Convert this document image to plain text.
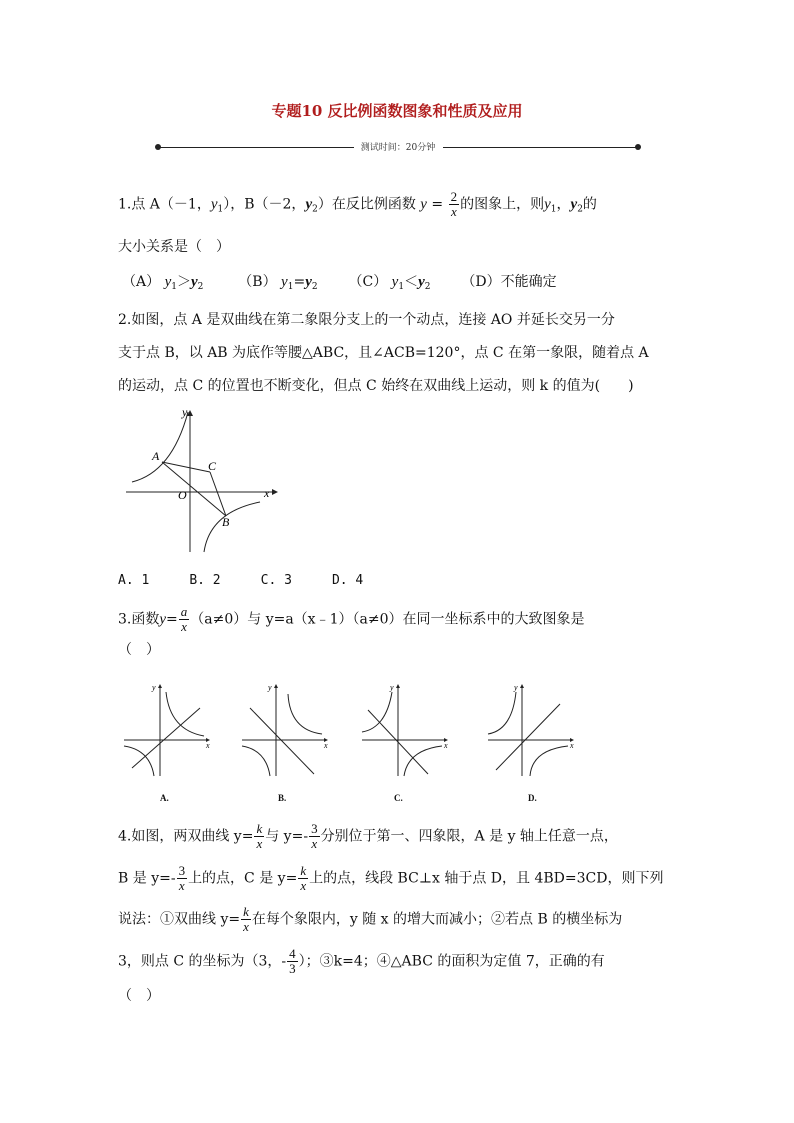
专题10 反比例函数图象和性质及应用
测试时间：20分钟
1.点 A（－1，$y_1$），B（－2，$y_2$）在反比例函数 $y = \frac{2}{x}$ 的图象上，则$y_1$，$y_2$的
大小关系是（　）
（A） $y_1>y_2$ （B） $y_1=y_2$ （C） $y_1<y_2$ （D）不能确定
2.如图，点 A 是双曲线在第二象限分支上的一个动点，连接 AO 并延长交另一分
支于点 B，以 AB 为底作等腰△ABC，且∠ACB=120°，点 C 在第一象限，随着点 A
的运动，点 C 的位置也不断变化，但点 C 始终在双曲线上运动，则 k 的值为(　　)
y
x
A
C
O
B
A. 1	B. 2	C. 3	D. 4
3.函数$y= \frac{a}{x} (a\ne 0)$与 y=a（x﹣1）（a≠0）在同一坐标系中的大致图象是
（　）
y
x
A.
y
x
B.
y
x
C.
y
x
D.
4.如图，两双曲线 $y= \frac{k}{x}$ 与 $y=- \frac{3}{x}$ 分别位于第一、四象限，A 是 y 轴上任意一点，
B 是 $y=- \frac{3}{x}$ 上的点，C 是 $y= \frac{k}{x}$ 上的点，线段 BC⊥x 轴于点 D，且 4BD=3CD，则下列
说法：①双曲线 $y= \frac{k}{x}$ 在每个象限内，y 随 x 的增大而减小；②若点 B 的横坐标为
3，则点 C 的坐标为（3，- $\frac{4}{3}$ ）；③k=4；④△ABC 的面积为定值 7，正确的有
（　）
